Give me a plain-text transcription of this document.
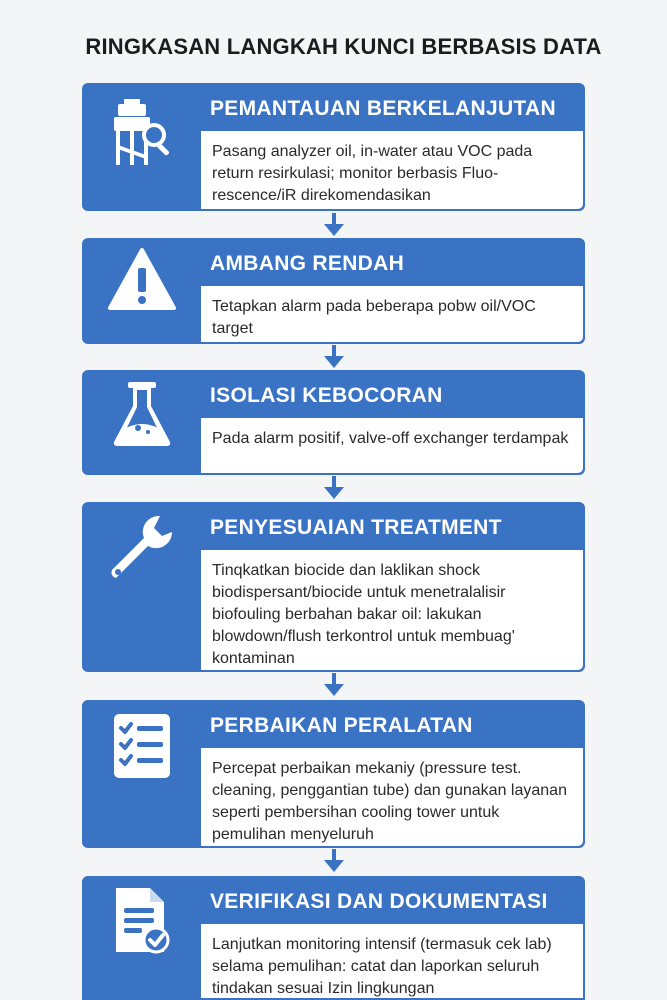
RINGKASAN LANGKAH KUNCI BERBASIS DATA
PEMANTAUAN BERKELANJUTAN
Pasang analyzer oil, in-water atau VOC pada return resirkulasi; monitor berbasis Fluo-rescence/iR direkomendasikan
AMBANG RENDAH
Tetapkan alarm pada beberapa pobw oil/VOC target
ISOLASI KEBOCORAN
Pada alarm positif, valve-off exchanger terdampak
PENYESUAIAN TREATMENT
Tinqkatkan biocide dan laklikan shock biodispersant/biocide untuk menetralalisir biofouling berbahan bakar oil: lakukan blowdown/flush terkontrol untuk membuag' kontaminan
PERBAIKAN PERALATAN
Percepat perbaikan mekaniy (pressure test. cleaning, penggantian tube) dan gunakan layanan seperti pembersihan cooling tower untuk pemulihan menyeluruh
VERIFIKASI DAN DOKUMENTASI
Lanjutkan monitoring intensif (termasuk cek lab) selama pemulihan: catat dan laporkan seluruh tindakan sesuai Izin lingkungan
